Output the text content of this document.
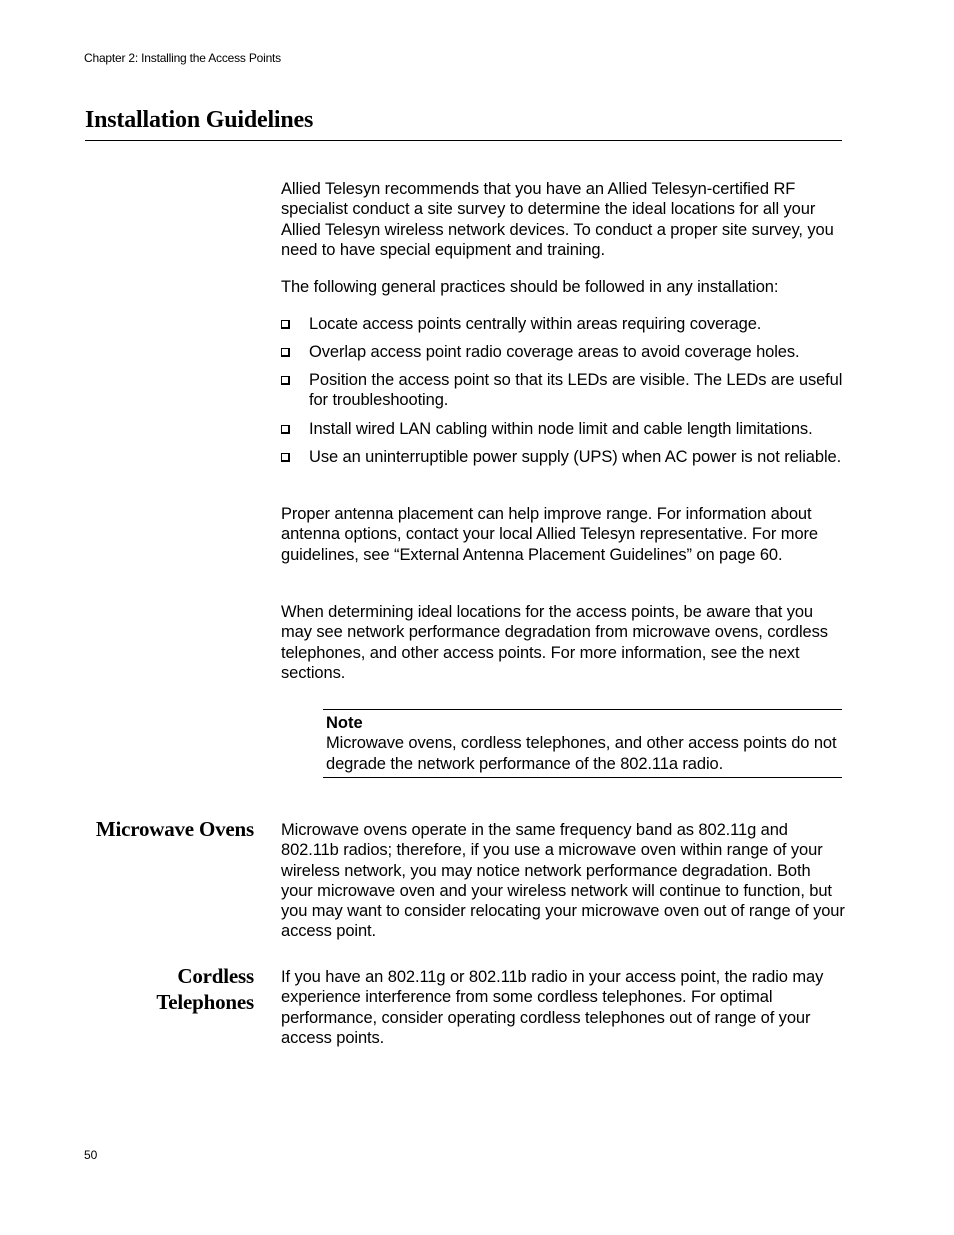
Chapter 2: Installing the Access Points
Installation Guidelines

Allied Telesyn recommends that you have an Allied Telesyn-certified RF specialist conduct a site survey to determine the ideal locations for all your Allied Telesyn wireless network devices. To conduct a proper site survey, you need to have special equipment and training.

The following general practices should be followed in any installation:

Locate access points centrally within areas requiring coverage.
Overlap access point radio coverage areas to avoid coverage holes.
Position the access point so that its LEDs are visible. The LEDs are useful for troubleshooting.
Install wired LAN cabling within node limit and cable length limitations.
Use an uninterruptible power supply (UPS) when AC power is not reliable.

Proper antenna placement can help improve range. For information about antenna options, contact your local Allied Telesyn representative. For more guidelines, see “External Antenna Placement Guidelines” on page 60.

When determining ideal locations for the access points, be aware that you may see network performance degradation from microwave ovens, cordless telephones, and other access points. For more information, see the next sections.

Note
Microwave ovens, cordless telephones, and other access points do not degrade the network performance of the 802.11a radio.
Microwave Ovens Microwave ovens operate in the same frequency band as 802.11g and 802.11b radios; therefore, if you use a microwave oven within range of your wireless network, you may notice network performance degradation. Both your microwave oven and your wireless network will continue to function, but you may want to consider relocating your microwave oven out of range of your access point.

Cordless
Telephones

If you have an 802.11g or 802.11b radio in your access point, the radio may experience interference from some cordless telephones. For optimal performance, consider operating cordless telephones out of range of your access points.

50
